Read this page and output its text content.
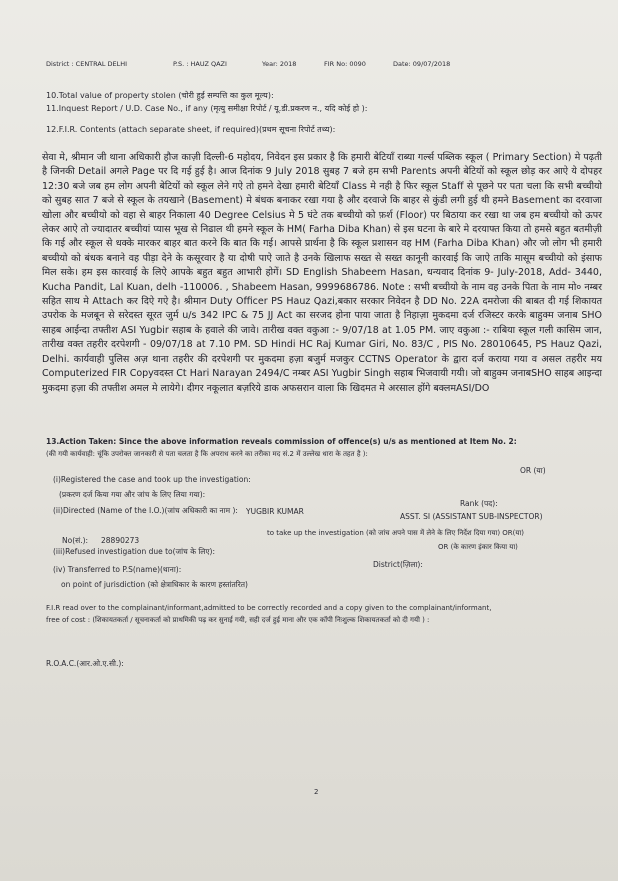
District : CENTRAL DELHI	P.S. : HAUZ QAZI	Year: 2018	FIR No: 0090	Date: 09/07/2018
10.Total value of property stolen (चोरी हुई सम्पत्ति का कुल मूल्य):
11.Inquest Report / U.D. Case No., if any (मृत्यु समीक्षा रिपोर्ट / यू.डी.प्रकरण न., यदि कोई हो ):
12.F.I.R. Contents (attach separate sheet, if required)(प्रथम सूचना रिपोर्ट तथ्य):
सेवा मे, श्रीमान जी थाना अधिकारी हौज काज़ी दिल्ली-6 महोदय, निवेदन इस प्रकार है कि हमारी बेटियाँ राब्या गर्ल्स पब्लिक स्कूल ( Primary Section) मे पढ़ती है जिनकी Detail अगले Page पर दि गई हुई है। आज दिनांक 9 July 2018 सुबह 7 बजे हम सभी Parents अपनी बेटियों को स्कूल छोड़ कर आऐ ये दोपहर 12:30 बजे जब हम लोग अपनी बेटियों को स्कूल लेने गऐ तो हमने देखा हमारी बेटियाँ Class मे नही है फिर स्कूल Staff से पूछने पर पता चला कि सभी बच्चीयो को सुबह सात 7 बजे से स्कूल के तयखाने (Basement) मे बंधक बनाकर रखा गया है और दरवाजे कि बाहर से कुंडी लगी हुई थी हमने Basement का दरवाजा खोला और बच्चीयो को वहा से बाहर निकाला 40 Degree Celsius मे 5 घंटे तक बच्चीयो को फ़र्श (Floor) पर बिठाया कर रखा था जब हम बच्चीयो को ऊपर लेकर आऐ तो ज्यादातर बच्चीयां प्यास भूख से निढाल थी हमने स्कूल के HM( Farha Diba Khan) से इस घटना के बारे मे दरयाफ्त किया तो हमसे बहुत बतमीज़ी कि गई और स्कूल से धक्के मारकर बाहर बात करने कि बात कि गई। आपसे प्रार्थना है कि स्कूल प्रशासन वह HM (Farha Diba Khan) और जो लोग भी हमारी बच्चीयो को बंधक बनाने वह पीड़ा देने के कसूरवार है या दोषी पाऐ जाते है उनके खिलाफ सख्त से सख्त कानूनी कारवाई कि जाऐ ताकि मासूम बच्चीयो को इंसाफ मिल सके। हम इस कारवाई के लिऐ आपके बहुत बहुत आभारी होगें। SD English Shabeem Hasan, धन्यवाद दिनांक 9- July-2018, Add- 3440, Kucha Pandit, Lal Kuan, delh -110006. , Shabeem Hasan, 9999686786. Note : सभी बच्चीयो के नाम वह उनके पिता के नाम मो० नम्बर सहित साथ मे Attach कर दिऐ गऐ है। श्रीमान Duty Officer PS Hauz Qazi,बकार सरकार निवेदन है DD No. 22A दमरोजा की बाबत दी गई शिकायत उपरोक के मजबून से सरेदस्त सूरत जुर्म u/s 342 IPC & 75 JJ Act का सरजद होना पाया जाता है निहाज़ा मुकदमा दर्ज रजिस्टर करके बाहुक्म जनाब SHO साहब आईन्दा तफ्तीश ASI Yugbir सहाब के हवाले की जावे। तारीख वक्त वकुआ :- 9/07/18 at 1.05 PM. जाए वकुआ :- राबिया स्कूल गली कासिम जान, तारीख वक्त तहरीर दरपेशगी - 09/07/18 at 7.10 PM. SD Hindi HC Raj Kumar Giri, No. 83/C , PIS No. 28010645, PS Hauz Qazi, Delhi. कार्यवाही पुलिस अज़ थाना तहरीर की दरपेशगी पर मुकदमा हज़ा बजुर्म मजकुर CCTNS Operator के द्वारा दर्ज कराया गया व असल तहरीर मय Computerized FIR Copyवदस्त Ct Hari Narayan 2494/C नम्बर ASI Yugbir Singh सहाब भिजवायी गयी। जो बाहुक्म जनाबSHO साहब आइन्दा मुकदमा हज़ा की तफ्तीश अमल मे लायेगे। दीगर नकूलात बज़रिये डाक अफसरान वाला कि खिदमत मे अरसाल होंगे बक्लमASI/DO
13.Action Taken: Since the above information reveals commission of offence(s) u/s as mentioned at Item No. 2:
(की गयी कार्यवाही: चूंकि उपरोक्त जानकारी से पता चलता है कि अपराध करने का तरीका मद सं.2 में उल्लेख धारा के तहत है ):
OR (या)
(i)Registered the case and took up the investigation:
(प्रकरण दर्ज किया गया और जांच के लिए लिया गया):
(ii)Directed (Name of the I.O.)(जांच अधिकारी का नाम ): YUGBIR KUMAR
Rank (पद):
ASST. SI (ASSISTANT SUB-INSPECTOR)
No(सं.): 28890273
to take up the investigation (को जांच अपने पास में लेने के लिए निर्देश दिया गया) OR(या)
(iii)Refused investigation due to(जांच के लिए):	OR (के कारण इंकार किया या)
(iv) Transferred to P.S(name)(थाना):
District(ज़िला):
on point of jurisdiction (को क्षेत्राधिकार के कारण हस्तांतरित)
F.I.R read over to the complainant/informant,admitted to be correctly recorded and a copy given to the complainant/informant,
free of cost : (शिकायतकर्ता / सूचनाकर्ता को प्राथमिकी पढ़ कर सुनाई गयी, सही दर्ज हुई माना और एक कॉपी निःशुल्क शिकायतकर्ता को दी गयी ) :
R.O.A.C.(आर.ओ.ए.सी.):
2
